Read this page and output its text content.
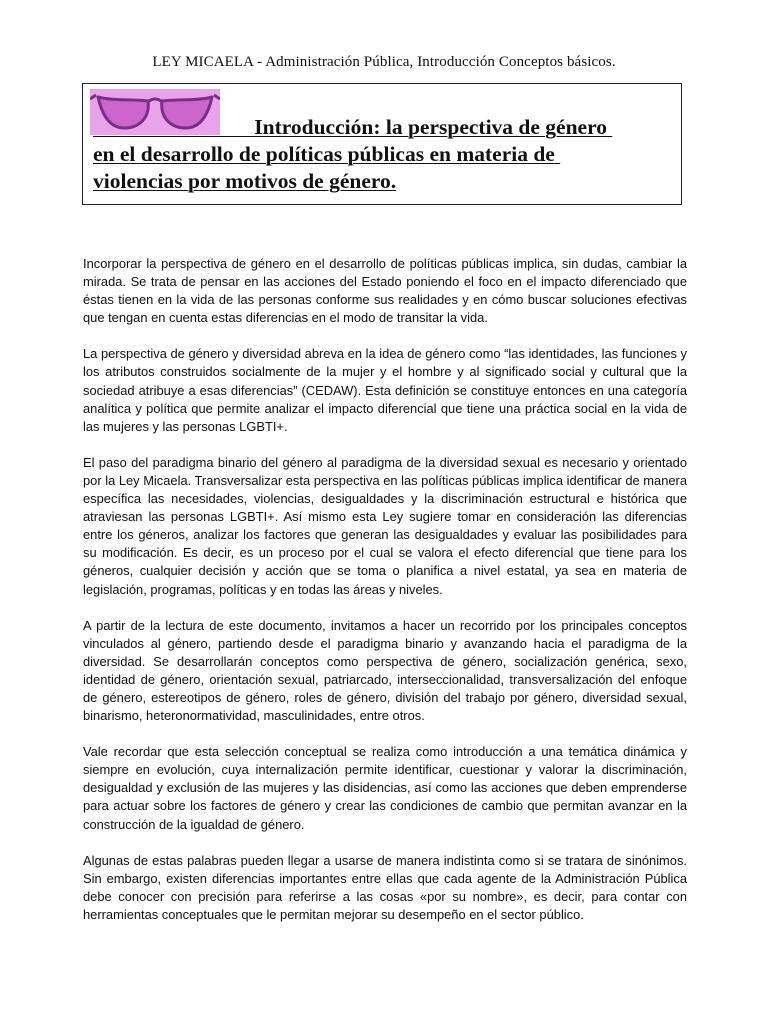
LEY MICAELA - Administración Pública, Introducción Conceptos básicos.
Introducción: la perspectiva de género
en el desarrollo de políticas públicas en materia de
violencias por motivos de género.

Incorporar la perspectiva de género en el desarrollo de políticas públicas implica, sin dudas, cambiar la mirada. Se trata de pensar en las acciones del Estado poniendo el foco en el impacto diferenciado que éstas tienen en la vida de las personas conforme sus realidades y en cómo buscar soluciones efectivas que tengan en cuenta estas diferencias en el modo de transitar la vida.

La perspectiva de género y diversidad abreva en la idea de género como “las identidades, las funciones y los atributos construidos socialmente de la mujer y el hombre y al significado social y cultural que la sociedad atribuye a esas diferencias” (CEDAW). Esta definición se constituye entonces en una categoría analítica y política que permite analizar el impacto diferencial que tiene una práctica social en la vida de las mujeres y las personas LGBTI+.

El paso del paradigma binario del género al paradigma de la diversidad sexual es necesario y orientado por la Ley Micaela. Transversalizar esta perspectiva en las políticas públicas implica identificar de manera específica las necesidades, violencias, desigualdades y la discriminación estructural e histórica que atraviesan las personas LGBTI+. Así mismo esta Ley sugiere tomar en consideración las diferencias entre los géneros, analizar los factores que generan las desigualdades y evaluar las posibilidades para su modificación. Es decir, es un proceso por el cual se valora el efecto diferencial que tiene para los géneros, cualquier decisión y acción que se toma o planifica a nivel estatal, ya sea en materia de legislación, programas, políticas y en todas las áreas y niveles.

A partir de la lectura de este documento, invitamos a hacer un recorrido por los principales conceptos vinculados al género, partiendo desde el paradigma binario y avanzando hacia el paradigma de la diversidad. Se desarrollarán conceptos como perspectiva de género, socialización genérica, sexo, identidad de género, orientación sexual, patriarcado, interseccionalidad, transversalización del enfoque de género, estereotipos de género, roles de género, división del trabajo por género, diversidad sexual, binarismo, heteronormatividad, masculinidades, entre otros.

Vale recordar que esta selección conceptual se realiza como introducción a una temática dinámica y siempre en evolución, cuya internalización permite identificar, cuestionar y valorar la discriminación, desigualdad y exclusión de las mujeres y las disidencias, así como las acciones que deben emprenderse para actuar sobre los factores de género y crear las condiciones de cambio que permitan avanzar en la construcción de la igualdad de género.

Algunas de estas palabras pueden llegar a usarse de manera indistinta como si se tratara de sinónimos. Sin embargo, existen diferencias importantes entre ellas que cada agente de la Administración Pública debe conocer con precisión para referirse a las cosas «por su nombre», es decir, para contar con herramientas conceptuales que le permitan mejorar su desempeño en el sector público.
